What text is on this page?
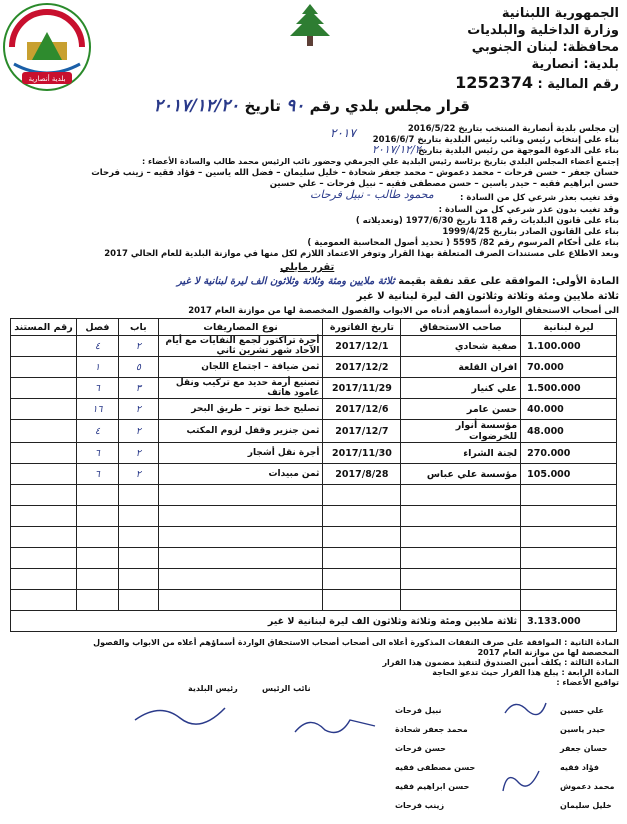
بلدية أنصارية
الجمهورية اللبنانية
وزارة الداخلية والبلديات
محافظة: لبنان الجنوبي
بلدية: انصارية
رقم المالية : 1252374
قرار مجلس بلدي رقم ٩٠ تاريخ ٢٠١٧/١٢/٢٠
إن مجلس بلدية أنصارية المنتخب بتاريخ 2016/5/22
بناء على إنتخاب رئيس ونائب رئيس البلدية بتاريخ 2016/6/7
بناء على الدعوة الموجهة من رئيس البلدية بتاريخ
٢٠١٧
٢٠١٧/١٢/٢٠
إجتمع أعضاء المجلس البلدي بتاريخ برئاسة رئيس البلدية علي الجرمقي وحضور نائب الرئيس محمد طالب والسادة الأعضاء :
حسان جعفر – حسن فرحات – محمد دعموش – محمد جعفر شحادة – خليل سليمان – فضل الله ياسين – فؤاد فقيه – زينب فرحات
حسن ابراهيم فقيه – حيدر ياسين – حسن مصطفى فقيه – نبيل فرحات – علي حسين
محمود طالب - نبيل فرحات	وقد تغيب بعذر شرعي كل من السادة :
وقد تغيب بدون عذر شرعي كل من السادة :
بناء على قانون البلديات رقم 118 تاريخ 1977/6/30 (وتعديلاته )
بناء على القانون الصادر بتاريخ 1999/4/25
بناء على أحكام المرسوم رقم 82/ 5595 ( تحديد أصول المحاسبة العمومية )
وبعد الاطلاع على مستندات الصرف المتعلقة بهذا القرار وتوفر الاعتماد اللازم لكل منها في موازنة البلدية للعام الحالي 2017
تقرر مايلي
المادة الأولى: الموافقة على عقد نفقة بقيمة ثلاثة ملايين ومئة وثلاثة وثلاثون الف ليرة لبنانية لا غير
ثلاثة ملايين ومئة وثلاثة وثلاثون الف ليرة لبنانية لا غير
الى أصحاب الاستحقاق الواردة أسماؤهم أدناه من الابواب والفصول المخصصة لها من موازنة العام 2017
ليرة لبنانية	صاحب الاستحقاق	تاريخ الفاتورة	نوع المصاريفات	باب	فصل	رقم المستند
1.100.000	صفية شحادي	2017/12/1	أجرة تراكتور لجمع النفايات مع أيام الآحاد شهر تشرين ثاني	٢	٤	
70.000	افران القلعة	2017/12/2	ثمن ضيافة – اجتماع اللجان	٥	١	
1.500.000	علي كنيار	2017/11/29	تصنيع أرمة حديد مع تركيب ونقل عامود هاتف	٣	٦	
40.000	حسن عامر	2017/12/6	تصليح خط توتر – طريق البحر	٢	١٦	
48.000	مؤسسة أنوار للخرضوات	2017/12/7	ثمن جنزير وقفل لزوم المكتب	٢	٤	
270.000	لجنة الشراء	2017/11/30	أجرة نقل أشجار	٢	٦	
105.000	مؤسسة علي عباس	2017/8/28	ثمن مبيدات	٢	٦	

3.133.000	ثلاثة ملايين ومئة وثلاثة وثلاثون الف ليرة لبنانية لا غير					
المادة الثانية : الموافقة على صرف النفقات المذكورة أعلاه الى أصحاب أصحاب الاستحقاق الواردة أسماؤهم أعلاه من الابواب والفصول
المخصصة لها من موازنة العام 2017
المادة الثالثة : يكلف أمين الصندوق لتنفيذ مضمون هذا القرار
المادة الرابعة : يبلغ هذا القرار حيث تدعو الحاجة
تواقيع الأعضاء :
رئيس البلدية	نائب الرئيس
نبيل فرحات
محمد جعفر شحادة
حسن فرحات
حسن مصطفى فقيه
حسن ابراهيم فقيه
زينب فرحات
علي حسين
حيدر ياسين
حسان جعفر
فؤاد فقيه
محمد دعموش
خليل سليمان
